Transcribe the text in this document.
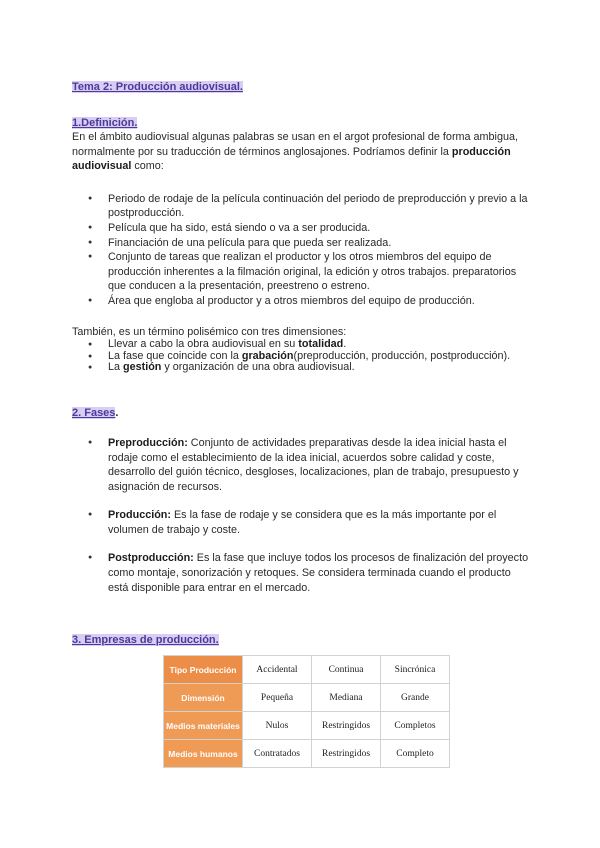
Tema 2: Producción audiovisual.
1.Definición.

En el ámbito audiovisual algunas palabras se usan en el argot profesional de forma ambigua, normalmente por su traducción de términos anglosajones. Podríamos definir la producción audiovisual como:

● Periodo de rodaje de la película continuación del periodo de preproducción y previo a la postproducción.
● Película que ha sido, está siendo o va a ser producida.
● Financiación de una película para que pueda ser realizada.
● Conjunto de tareas que realizan el productor y los otros miembros del equipo de producción inherentes a la filmación original, la edición y otros trabajos. preparatorios que conducen a la presentación, preestreno o estreno.
● Área que engloba al productor y a otros miembros del equipo de producción.

También, es un término polisémico con tres dimensiones:

● Llevar a cabo la obra audiovisual en su totalidad.
● La fase que coincide con la grabación(preproducción, producción, postproducción).
● La gestión y organización de una obra audiovisual.
2. Fases.
● Preproducción: Conjunto de actividades preparativas desde la idea inicial hasta el rodaje como el establecimiento de la idea inicial, acuerdos sobre calidad y coste, desarrollo del guión técnico, desgloses, localizaciones, plan de trabajo, presupuesto y asignación de recursos.
● Producción: Es la fase de rodaje y se considera que es la más importante por el volumen de trabajo y coste.
● Postproducción: Es la fase que incluye todos los procesos de finalización del proyecto como montaje, sonorización y retoques. Se considera terminada cuando el producto está disponible para entrar en el mercado.
3. Empresas de producción.
Tipo Producción	Accidental	Continua	Sincrónica
Dimensión	Pequeña	Mediana	Grande
Medios materiales	Nulos	Restringidos	Completos
Medios humanos	Contratados	Restringidos	Completo
